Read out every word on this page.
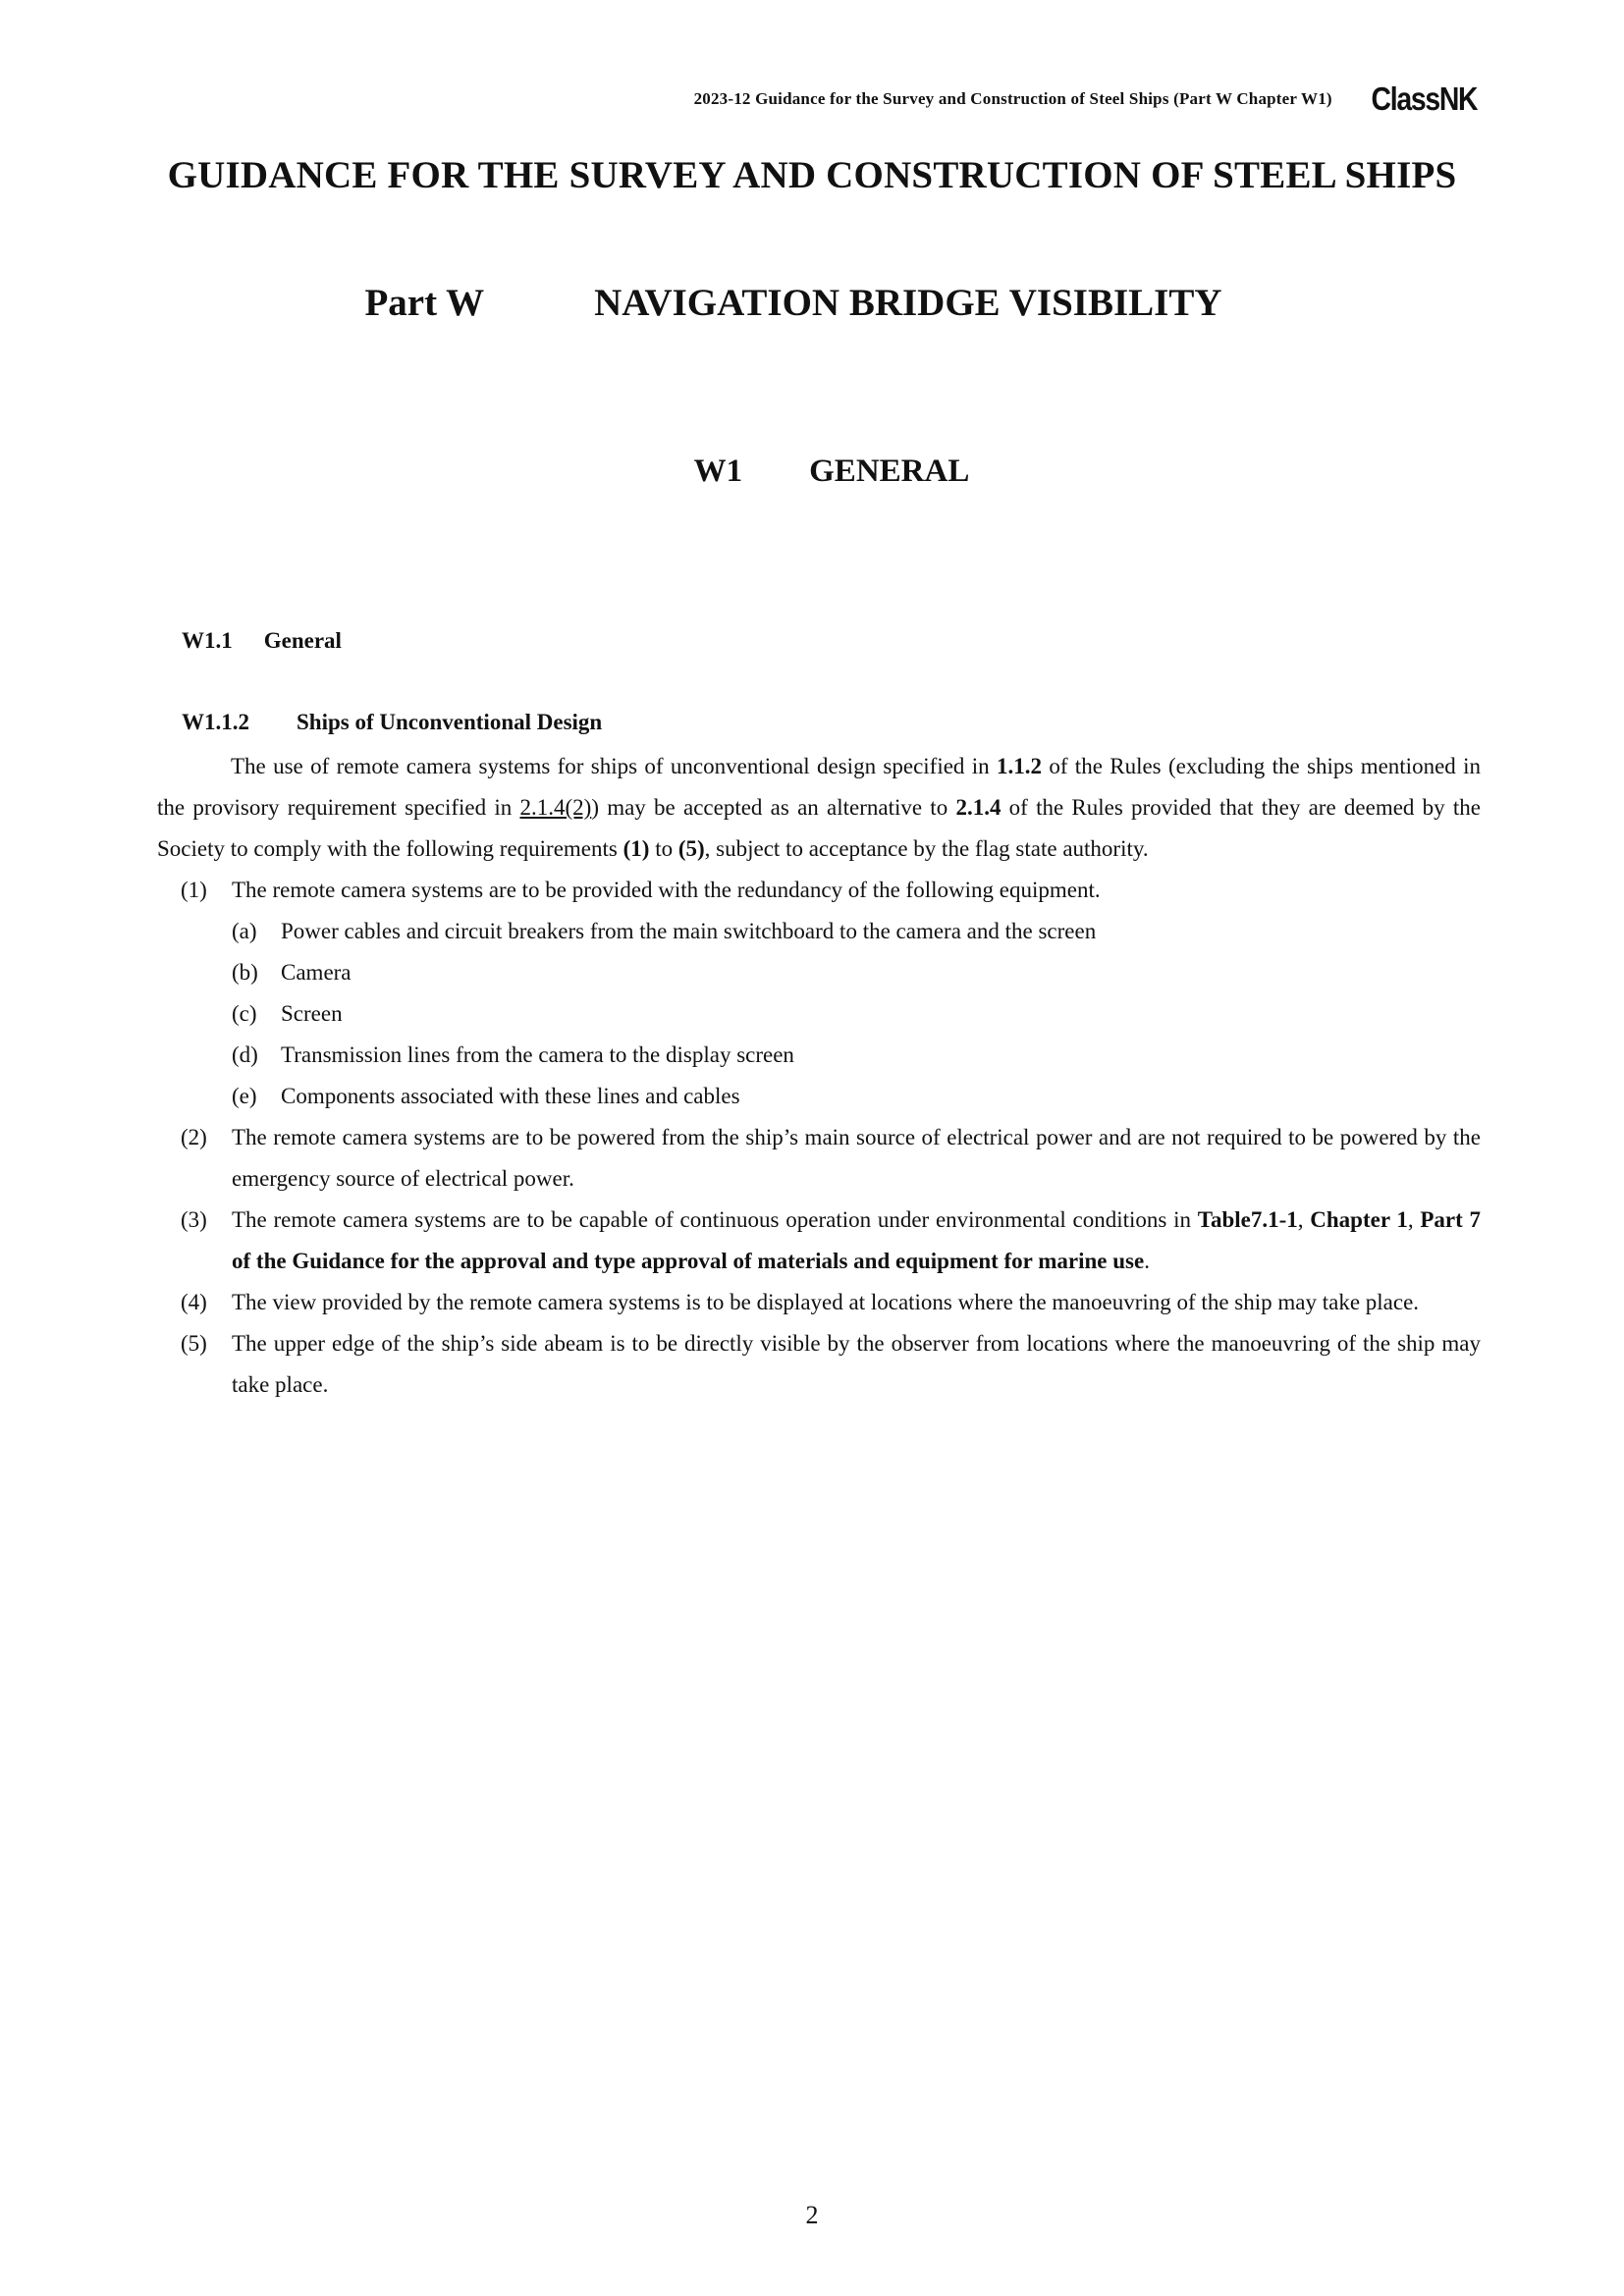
2023-12 Guidance for the Survey and Construction of Steel Ships (Part W Chapter W1) ClassNK
GUIDANCE FOR THE SURVEY AND CONSTRUCTION OF STEEL SHIPS
Part W	NAVIGATION BRIDGE VISIBILITY
W1 GENERAL
W1.1 General
W1.1.2 Ships of Unconventional Design

The use of remote camera systems for ships of unconventional design specified in 1.1.2 of the Rules (excluding the ships mentioned in the provisory requirement specified in 2.1.4(2)) may be accepted as an alternative to 2.1.4 of the Rules provided that they are deemed by the Society to comply with the following requirements (1) to (5), subject to acceptance by the flag state authority.

(1) The remote camera systems are to be provided with the redundancy of the following equipment.
(a) Power cables and circuit breakers from the main switchboard to the camera and the screen
(b) Camera
(c) Screen
(d) Transmission lines from the camera to the display screen
(e) Components associated with these lines and cables
(2) The remote camera systems are to be powered from the ship’s main source of electrical power and are not required to be powered by the emergency source of electrical power.
(3) The remote camera systems are to be capable of continuous operation under environmental conditions in Table7.1-1, Chapter 1, Part 7 of the Guidance for the approval and type approval of materials and equipment for marine use.
(4) The view provided by the remote camera systems is to be displayed at locations where the manoeuvring of the ship may take place.
(5) The upper edge of the ship’s side abeam is to be directly visible by the observer from locations where the manoeuvring of the ship may take place.
2
